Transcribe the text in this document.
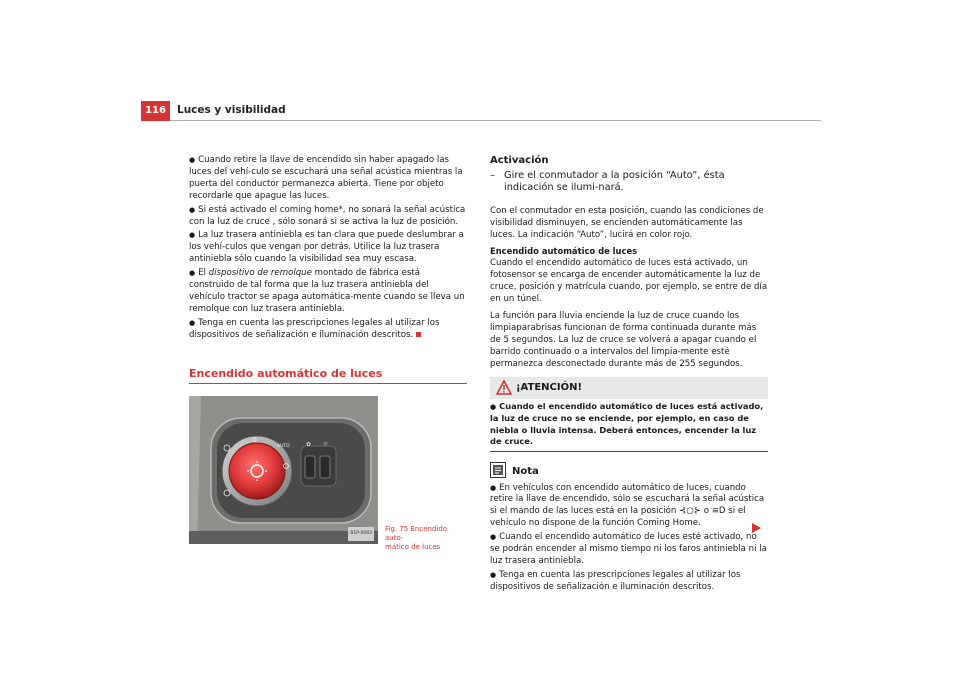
116	Luces y visibilidad

● Cuando retire la llave de encendido sin haber apagado las luces del vehí-culo se escuchará una señal acústica mientras la puerta del conductor permanezca abierta. Tiene por objeto recordarle que apague las luces.

● Si está activado el coming home*, no sonará la señal acústica con la luz de cruce , sólo sonará si se activa la luz de posición.

● La luz trasera antiniebla es tan clara que puede deslumbrar a los vehí-culos que vengan por detrás. Utilice la luz trasera antiniebla sólo cuando la visibilidad sea muy escasa.

● El dispositivo de remolque montado de fábrica está construido de tal forma que la luz trasera antiniebla del vehículo tractor se apaga automática-mente cuando se lleva un remolque con luz trasera antiniebla.

● Tenga en cuenta las prescripciones legales al utilizar los dispositivos de señalización e iluminación descritos.

Encendido automático de luces
0
AUTO	✿ ☼
B1P-0083
Fig. 75 Encendido auto-
mático de luces

Activación

– Gire el conmutador a la posición “Auto”, ésta indicación se ilumi-nará.

Con el conmutador en esta posición, cuando las condiciones de visibilidad disminuyen, se encienden automáticamente las luces. La indicación “Auto”, lucirá en color rojo.

Encendido automático de luces

Cuando el encendido automático de luces está activado, un fotosensor se encarga de encender automáticamente la luz de cruce, posición y matrícula cuando, por ejemplo, se entre de día en un túnel.

La función para lluvia enciende la luz de cruce cuando los limpiaparabrisas funcionan de forma continuada durante más de 5 segundos. La luz de cruce se volverá a apagar cuando el barrido continuado o a intervalos del limpia-mente esté permanezca desconectado durante más de 255 segundos.

¡ATENCIÓN!
● Cuando el encendido automático de luces está activado, la luz de cruce no se enciende, por ejemplo, en caso de niebla o lluvia intensa. Deberá entonces, encender la luz de cruce.
Nota

● En vehículos con encendido automático de luces, cuando retire la llave de encendido, sólo se escuchará la señal acústica si el mando de las luces está en la posición ⊰○⊱ o ≡D si el vehículo no dispone de la función Coming Home.

● Cuando el encendido automático de luces esté activado, no se podrán encender al mismo tiempo ni los faros antiniebla ni la luz trasera antiniebla.

● Tenga en cuenta las prescripciones legales al utilizar los dispositivos de señalización e iluminación descritos.
